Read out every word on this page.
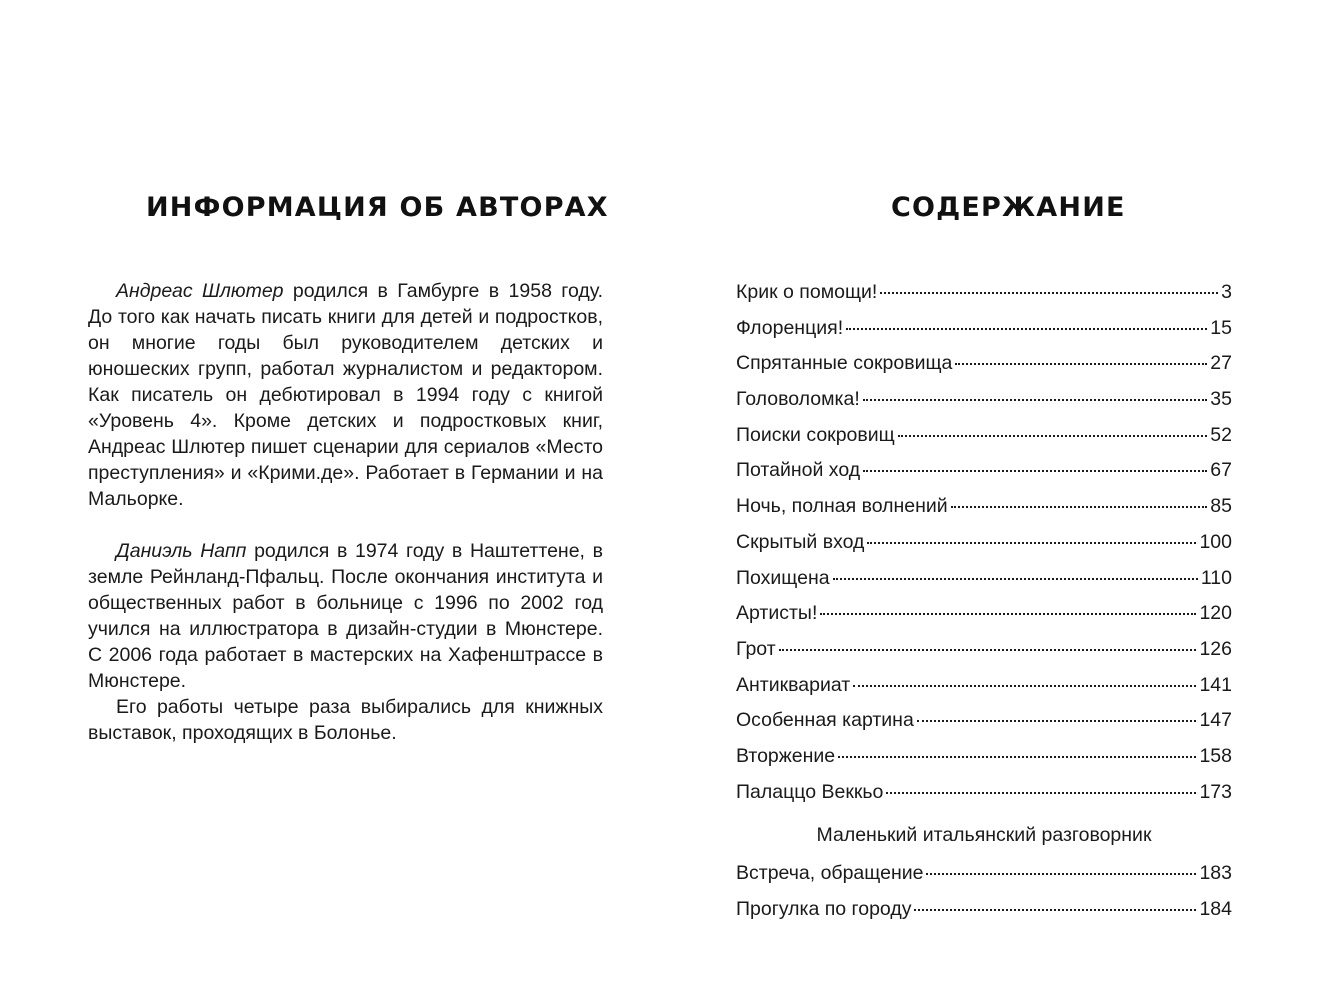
ИНФОРМАЦИЯ ОБ АВТОРАХ

Андреас Шлютер родился в Гамбурге в 1958 году. До того как начать писать книги для детей и подростков, он многие годы был руководителем детских и юношеских групп, работал журналистом и редактором. Как писатель он дебютировал в 1994 году с книгой «Уровень 4». Кроме детских и подростковых книг, Андреас Шлютер пишет сценарии для сериалов «Место преступления» и «Крими.де». Работает в Германии и на Мальорке.

Даниэль Напп родился в 1974 году в Наштеттене, в земле Рейнланд-Пфальц. После окончания института и общественных работ в больнице с 1996 по 2002 год учился на иллюстратора в дизайн-студии в Мюнстере. С 2006 года работает в мастерских на Хафенштрассе в Мюнстере.

Его работы четыре раза выбирались для книжных выставок, проходящих в Болонье.

СОДЕРЖАНИЕ
Крик о помощи!	3
Флоренция!	15
Спрятанные сокровища	27
Головоломка!	35
Поиски сокровищ	52
Потайной ход	67
Ночь, полная волнений	85
Скрытый вход	100
Похищена	110
Артисты!	120
Грот	126
Антиквариат	141
Особенная картина	147
Вторжение	158
Палаццо Веккьо	173
Маленький итальянский разговорник
Встреча, обращение	183
Прогулка по городу	184
